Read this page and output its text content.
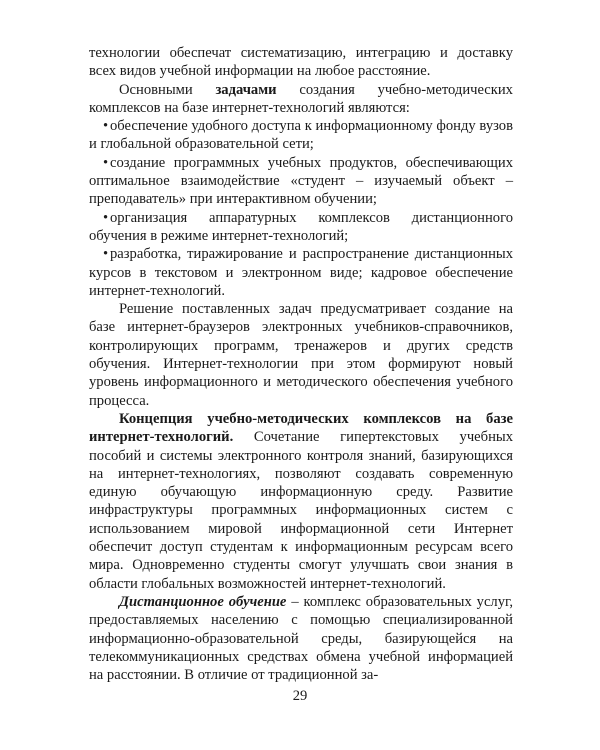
технологии обеспечат систематизацию, интеграцию и доставку всех видов учебной информации на любое расстояние.

Основными задачами создания учебно-методических комплексов на базе интернет-технологий являются:

• обеспечение удобного доступа к информационному фонду вузов и глобальной образовательной сети;

• создание программных учебных продуктов, обеспечивающих оптимальное взаимодействие «студент – изучаемый объект – преподаватель» при интерактивном обучении;

• организация аппаратурных комплексов дистанционного обучения в режиме интернет-технологий;

• разработка, тиражирование и распространение дистанционных курсов в текстовом и электронном виде; кадровое обеспечение интернет-технологий.

Решение поставленных задач предусматривает создание на базе интернет-браузеров электронных учебников-справочников, контролирующих программ, тренажеров и других средств обучения. Интернет-технологии при этом формируют новый уровень информационного и методического обеспечения учебного процесса.

Концепция учебно-методических комплексов на базе интернет-технологий. Сочетание гипертекстовых учебных пособий и системы электронного контроля знаний, базирующихся на интернет-технологиях, позволяют создавать современную единую обучающую информационную среду. Развитие инфраструктуры программных информационных систем с использованием мировой информационной сети Интернет обеспечит доступ студентам к информационным ресурсам всего мира. Одновременно студенты смогут улучшать свои знания в области глобальных возможностей интернет-технологий.

Дистанционное обучение – комплекс образовательных услуг, предоставляемых населению с помощью специализированной информационно-образовательной среды, базирующейся на телекоммуникационных средствах обмена учебной информацией на расстоянии. В отличие от традиционной за-

29
